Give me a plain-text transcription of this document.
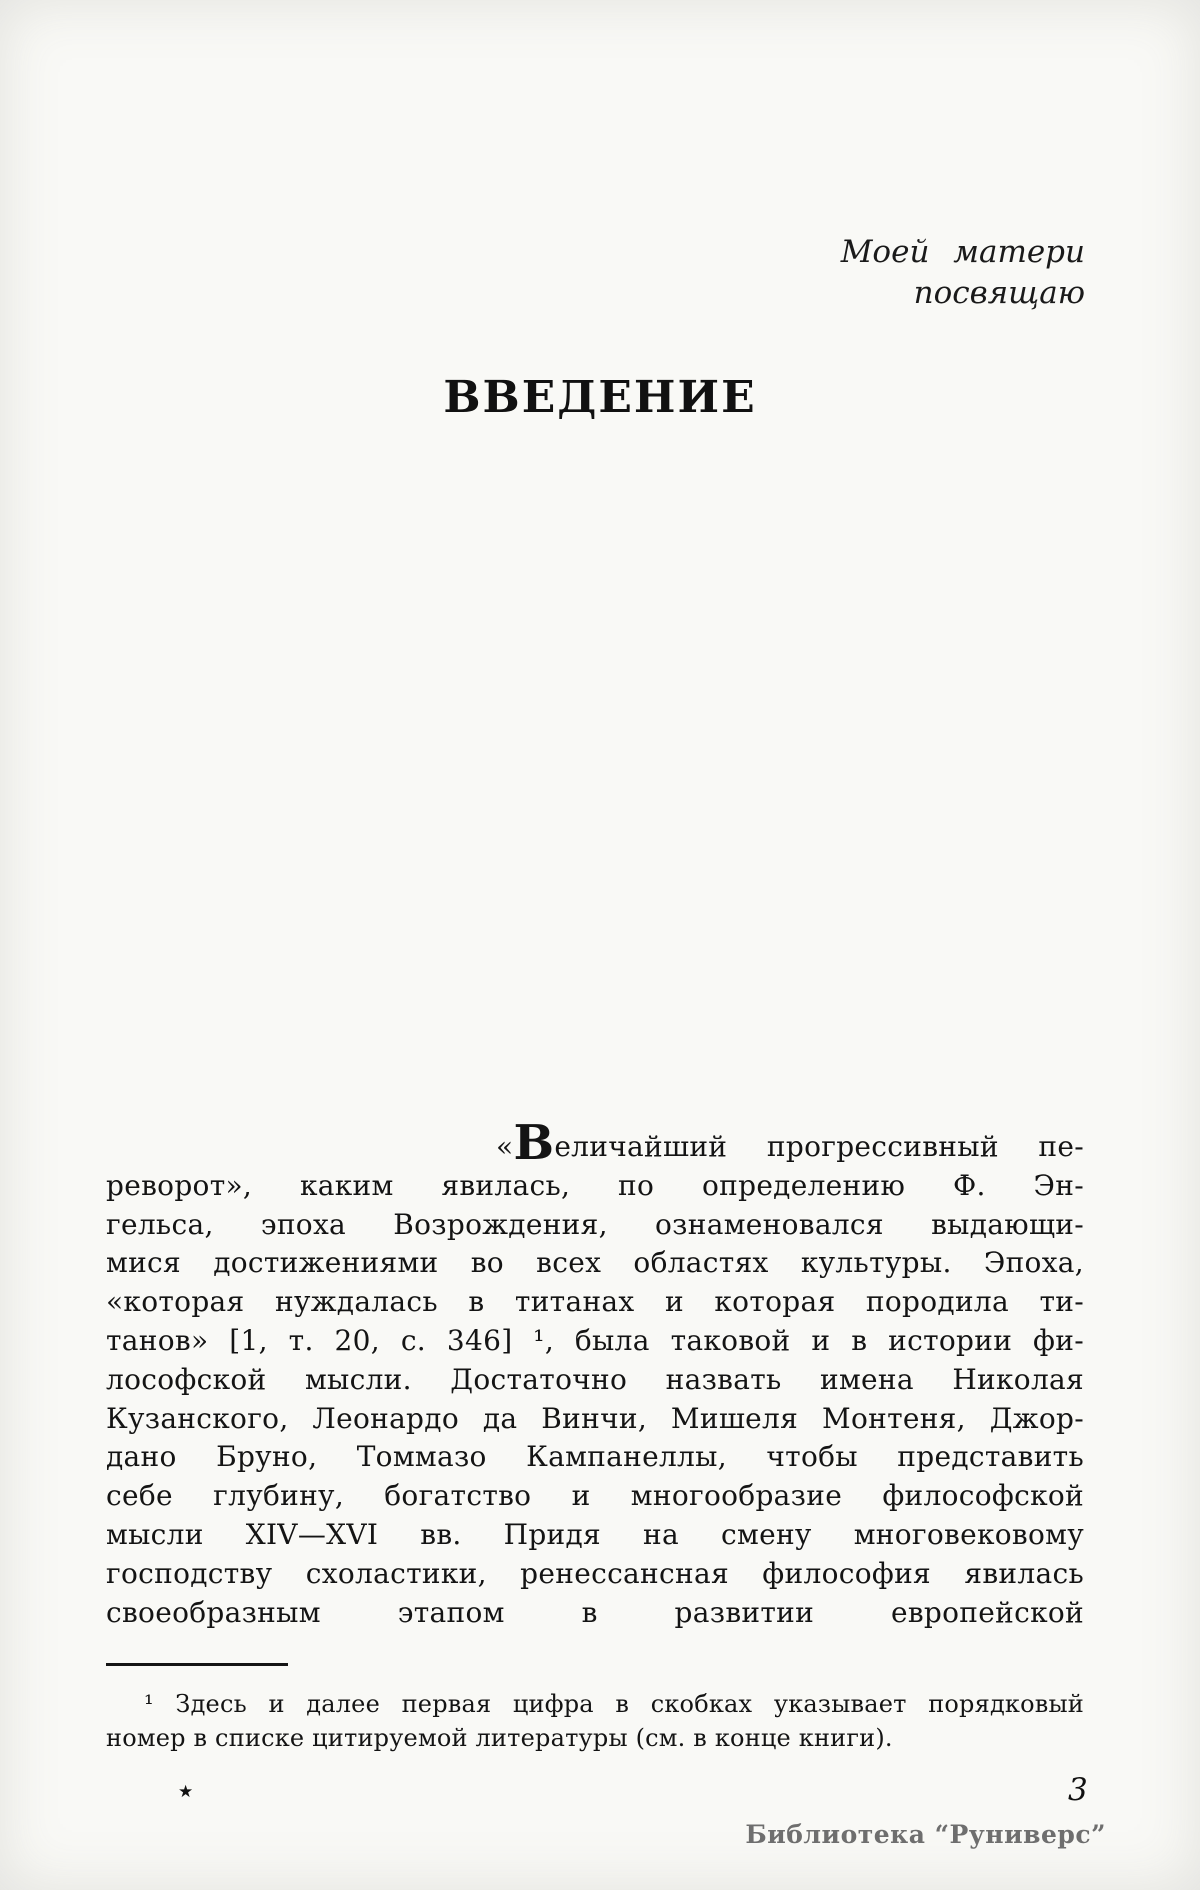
Моей матери
посвящаю
ВВЕДЕНИЕ
«Величайший прогрессивный пе-
реворот», каким явилась, по определению Ф. Эн-
гельса, эпоха Возрождения, ознаменовался выдающи-
мися достижениями во всех областях культуры. Эпоха,
«которая нуждалась в титанах и которая породила ти-
танов» [1, т. 20, с. 346] ¹, была таковой и в истории фи-
лософской мысли. Достаточно назвать имена Николая
Кузанского, Леонардо да Винчи, Мишеля Монтеня, Джор-
дано Бруно, Томмазо Кампанеллы, чтобы представить
себе глубину, богатство и многообразие философской
мысли XIV—XVI вв. Придя на смену многовековому
господству схоластики, ренессансная философия явилась
своеобразным этапом в развитии европейской
¹ Здесь и далее первая цифра в скобках указывает порядковый
номер в списке цитируемой литературы (см. в конце книги).
★	3
Библиотека “Руниверс”
